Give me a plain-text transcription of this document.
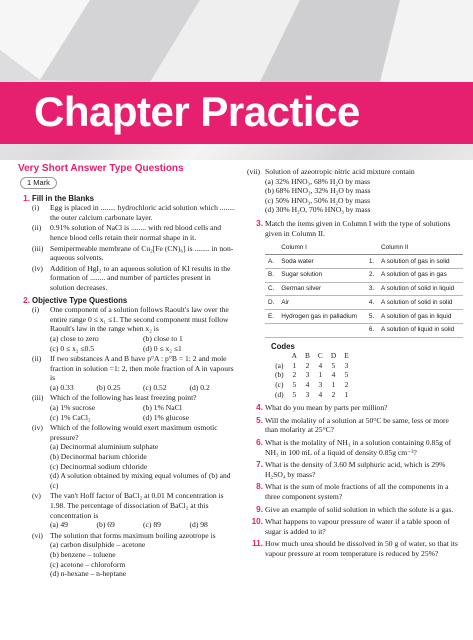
Chapter Practice
Very Short Answer Type Questions
1 Mark
1. Fill in the Blanks
(i) Egg is placed in ........ hydrochloric acid solution which ........ the outer calcium carbonate layer.
(ii) 0.91% solution of NaCl is ........ with red blood cells and hence blood cells retain their normal shape in it.
(iii) Semipermeable membrane of Cu₂[Fe (CN)₆] is ........ in non-aqueous solvents.
(iv) Addition of HgI₂ to an aqueous solution of KI results in the formation of ........ and number of particles present in solution decreases.
2. Objective Type Questions
(i) One component of a solution follows Raoult's law over the entire range 0 ≤ x₁ ≤1. The second component must follow Raoult's law in the range when x₂ is
(a) close to zero	(b) close to 1
(c) 0 ≤ x₂ ≤0.5	(d) 0 ≤ x₂ ≤1
(ii) If two substances A and B have p°A : p°B = 1: 2 and mole fraction in solution =1: 2, then mole fraction of A in vapours is
(a) 0.33	(b) 0.25	(c) 0.52	(d) 0.2
(iii) Which of the following has least freezing point?
(a) 1% sucrose	(b) 1% NaCl
(c) 1% CaCl₂	(d) 1% glucose
(iv) Which of the following would exert maximum osmotic pressure?
(a) Decinormal aluminium sulphate
(b) Decinormal barium chloride
(c) Decinormal sodium chloride
(d) A solution obtained by mixing equal volumes of (b) and (c)
(v) The van't Hoff factor of BaCl₂ at 0.01 M concentration is 1.98. The percentage of dissociation of BaCl₂ at this concentration is
(a) 49	(b) 69	(c) 89	(d) 98
(vi) The solution that forms maximum boiling azeotrope is
(a) carbon disulphide – acetone
(b) benzene – toluene
(c) acetone – chloroform
(d) n-hexane – n-heptane
(vii) Solution of azeotropic nitric acid mixture contain
(a) 32% HNO₃, 68% H₂O by mass
(b) 68% HNO₃, 32% H₂O by mass
(c) 50% HNO₃, 50% H₂O by mass
(d) 30% H₂O, 70% HNO₃ by mass
3. Match the items given in Column I with the type of solutions given in Column II.
	Column I		Column II
A.	Soda water	1.	A solution of gas in solid
B.	Sugar solution	2.	A solution of gas in gas
C.	German silver	3.	A solution of solid in liquid
D.	Air	4.	A solution of solid in solid
E.	Hydrogen gas in palladium	5.	A solution of gas in liquid
		6.	A solution of liquid in solid
Codes
	A	B	C	D	E
(a)	1	2	4	5	3
(b)	2	3	1	4	5
(c)	5	4	3	1	2
(d)	5	3	4	2	1
4. What do you mean by parts per million?
5. Will the molality of a solution at 50°C be same, less or more than molarity at 25°C?
6. What is the molality of NH₃ in a solution containing 0.85g of NH₃ in 100 mL of a liquid of density 0.85g cm⁻³?
7. What is the density of 3.60 M sulphuric acid, which is 29% H₂SO₄ by mass?
8. What is the sum of mole fractions of all the components in a three component system?
9. Give an example of solid solution in which the solute is a gas.
10. What happens to vapour pressure of water if a table spoon of sugar is added to it?
11. How much urea should be dissolved in 50 g of water, so that its vapour pressure at room temperature is reduced by 25%?
